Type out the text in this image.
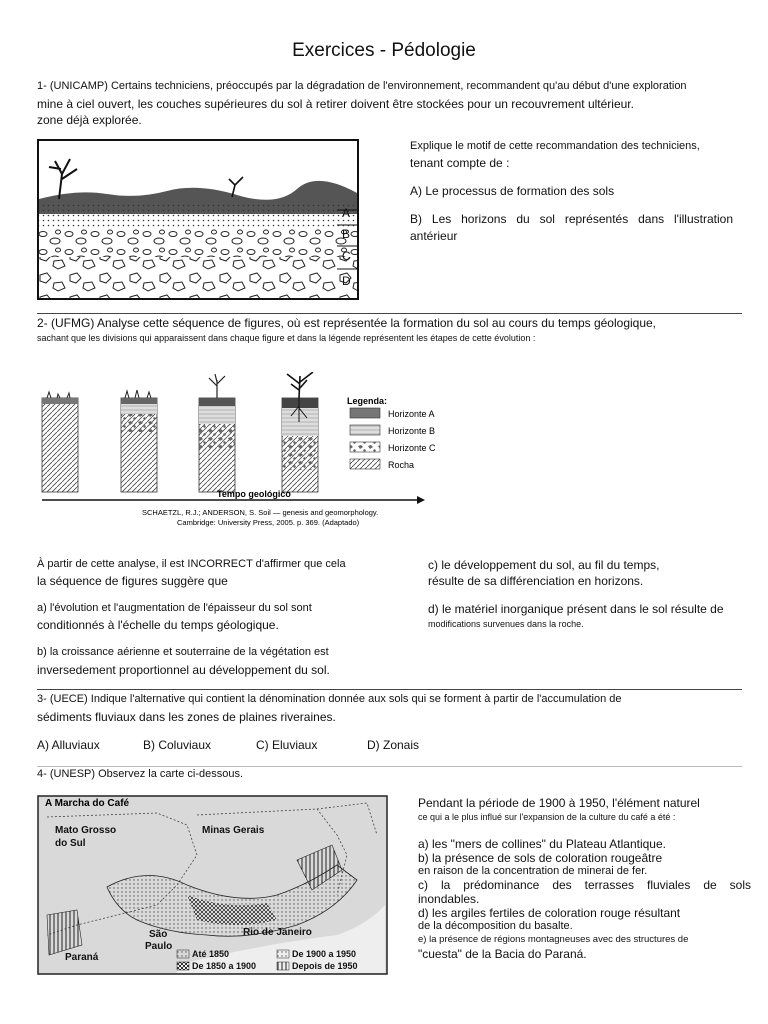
Exercices - Pédologie
1- (UNICAMP) Certains techniciens, préoccupés par la dégradation de l'environnement, recommandent qu'au début d'une exploration
mine à ciel ouvert, les couches supérieures du sol à retirer doivent être stockées pour un recouvrement ultérieur.
zone déjà explorée.
A
B
C
D
Explique le motif de cette recommandation des techniciens,
tenant compte de :
A) Le processus de formation des sols
B) Les horizons du sol représentés dans l'illustration
antérieur
2- (UFMG) Analyse cette séquence de figures, où est représentée la formation du sol au cours du temps géologique,
sachant que les divisions qui apparaissent dans chaque figure et dans la légende représentent les étapes de cette évolution :
Legenda:
Horizonte A
Horizonte B
Horizonte C
Rocha
Tempo geológico
SCHAETZL, R.J.; ANDERSON, S. Soil — genesis and geomorphology.
Cambridge: University Press, 2005. p. 369. (Adaptado)
À partir de cette analyse, il est INCORRECT d'affirmer que cela
la séquence de figures suggère que
a) l'évolution et l'augmentation de l'épaisseur du sol sont
conditionnés à l'échelle du temps géologique.
b) la croissance aérienne et souterraine de la végétation est
inversedement proportionnel au développement du sol.
c) le développement du sol, au fil du temps,
résulte de sa différenciation en horizons.
d) le matériel inorganique présent dans le sol résulte de
modifications survenues dans la roche.
3- (UECE) Indique l'alternative qui contient la dénomination donnée aux sols qui se forment à partir de l'accumulation de
sédiments fluviaux dans les zones de plaines riveraines.
A) Alluviaux	B) Coluviaux	C) Eluviaux	D) Zonais
4- (UNESP) Observez la carte ci-dessous.
A Marcha do Café
Mato Grosso
do Sul
Minas Gerais
São
Paulo
Rio de Janeiro
Paraná	Até 1850	De 1900 a 1950
De 1850 a 1900	Depois de 1950
Pendant la période de 1900 à 1950, l'élément naturel
ce qui a le plus influé sur l'expansion de la culture du café a été :
a) les "mers de collines" du Plateau Atlantique.
b) la présence de sols de coloration rougeâtre
en raison de la concentration de minerai de fer.
c) la prédominance des terrasses fluviales de sols
inondables.
d) les argiles fertiles de coloration rouge résultant
de la décomposition du basalte.
e) la présence de régions montagneuses avec des structures de
"cuesta" de la Bacia do Paraná.
